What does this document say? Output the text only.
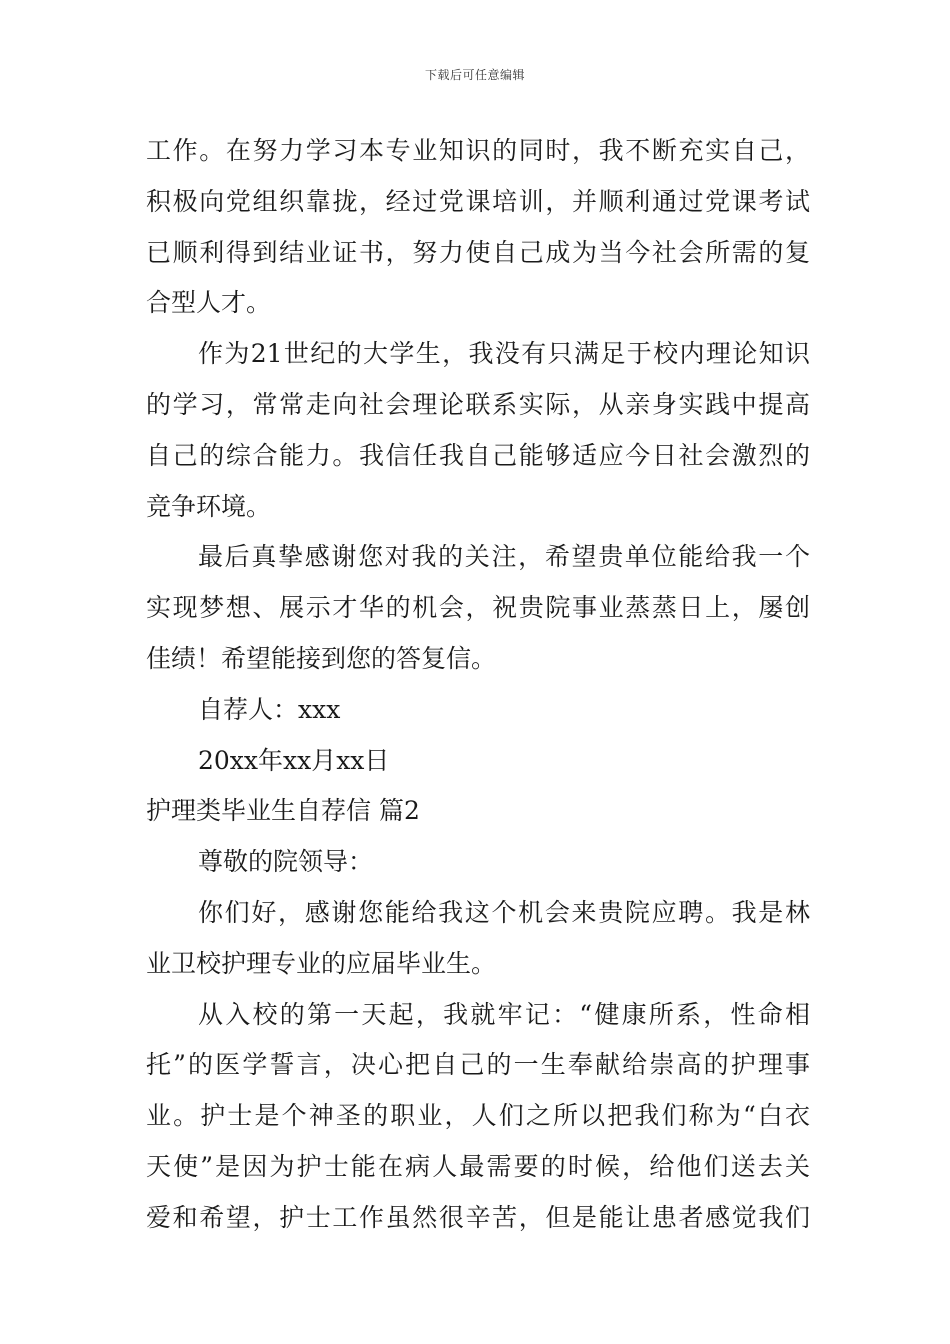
下载后可任意编辑
工作。在努力学习本专业知识的同时，我不断充实自己，
积极向党组织靠拢，经过党课培训，并顺利通过党课考试
已顺利得到结业证书，努力使自己成为当今社会所需的复
合型人才。
作为21世纪的大学生，我没有只满足于校内理论知识
的学习，常常走向社会理论联系实际，从亲身实践中提高
自己的综合能力。我信任我自己能够适应今日社会激烈的
竞争环境。
最后真挚感谢您对我的关注，希望贵单位能给我一个
实现梦想、展示才华的机会，祝贵院事业蒸蒸日上，屡创
佳绩！希望能接到您的答复信。
自荐人：xxx
20xx年xx月xx日
护理类毕业生自荐信 篇2
尊敬的院领导：
你们好，感谢您能给我这个机会来贵院应聘。我是林
业卫校护理专业的应届毕业生。
从入校的第一天起，我就牢记：“健康所系，性命相
托”的医学誓言，决心把自己的一生奉献给崇高的护理事
业。护士是个神圣的职业，人们之所以把我们称为“白衣
天使”是因为护士能在病人最需要的时候，给他们送去关
爱和希望，护士工作虽然很辛苦，但是能让患者感觉我们
